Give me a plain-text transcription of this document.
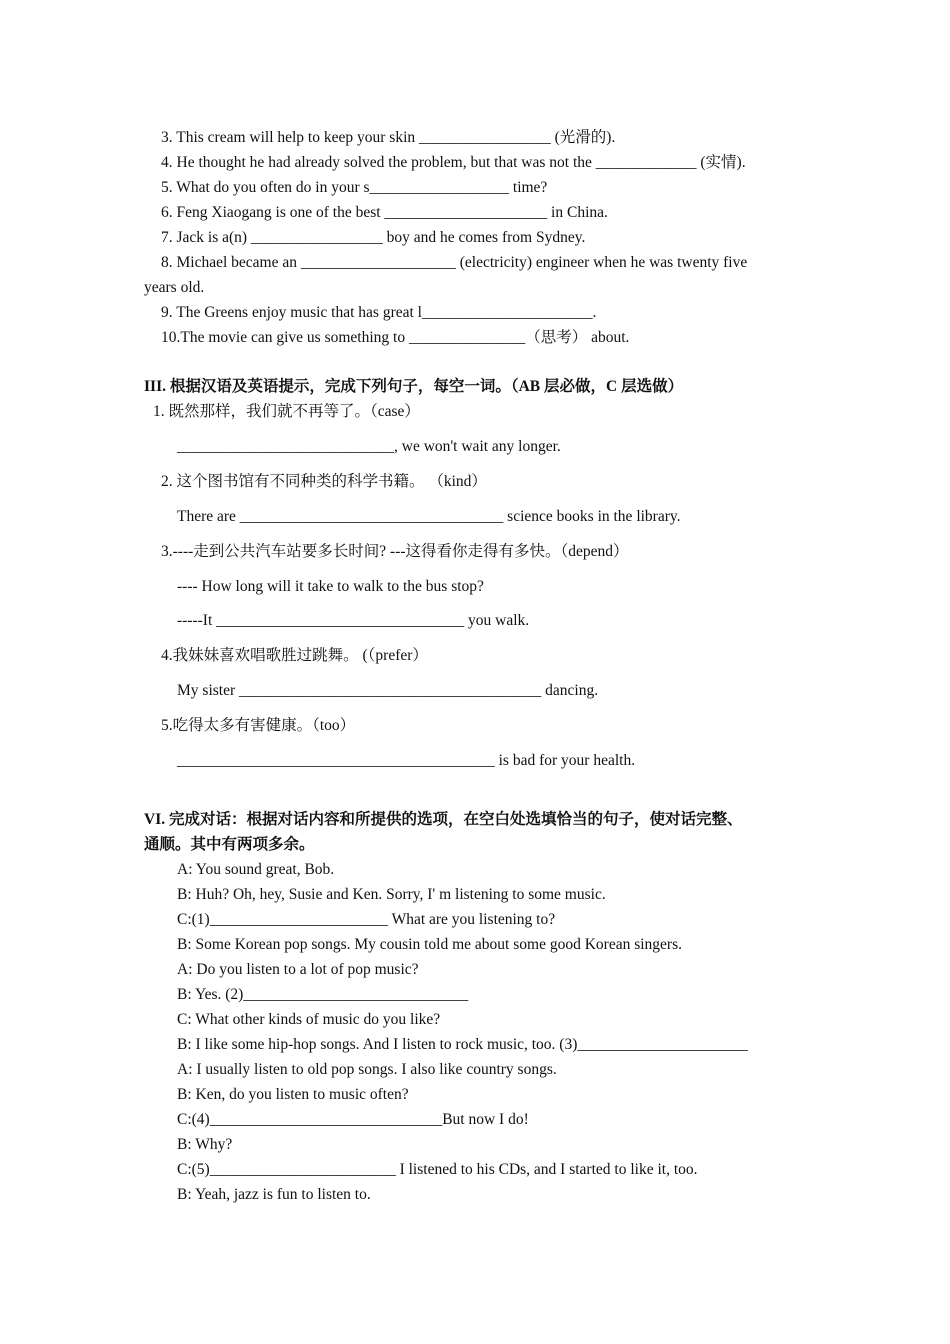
3. This cream will help to keep your skin _________________ (光滑的).
4. He thought he had already solved the problem, but that was not the _____________ (实情).
5. What do you often do in your s__________________ time?
6. Feng Xiaogang is one of the best _____________________ in China.
7. Jack is a(n) _________________ boy and he comes from Sydney.
8. Michael became an ____________________ (electricity) engineer when he was twenty five
years old.
9. The Greens enjoy music that has great l______________________.
10.The movie can give us something to _______________（思考） about.
III. 根据汉语及英语提示，完成下列句子，每空一词。（AB 层必做，C 层选做）
1. 既然那样，我们就不再等了。（case）
____________________________, we won't wait any longer.
2. 这个图书馆有不同种类的科学书籍。 （kind）
There are __________________________________ science books in the library.
3.----走到公共汽车站要多长时间? ---这得看你走得有多快。（depend）
---- How long will it take to walk to the bus stop?
-----It ________________________________ you walk.
4.我妹妹喜欢唱歌胜过跳舞。 (（prefer）
My sister _______________________________________ dancing.
5.吃得太多有害健康。（too）
_________________________________________ is bad for your health.
VI. 完成对话：根据对话内容和所提供的选项，在空白处选填恰当的句子，使对话完整、
通顺。其中有两项多余。
A: You sound great, Bob.
B: Huh? Oh, hey, Susie and Ken. Sorry, I' m listening to some music.
C:(1)_______________________ What are you listening to?
B: Some Korean pop songs. My cousin told me about some good Korean singers.
A: Do you listen to a lot of pop music?
B: Yes. (2)_____________________________
C: What other kinds of music do you like?
B: I like some hip-hop songs. And I listen to rock music, too. (3)______________________
A: I usually listen to old pop songs. I also like country songs.
B: Ken, do you listen to music often?
C:(4)______________________________But now I do!
B: Why?
C:(5)________________________ I listened to his CDs, and I started to like it, too.
B: Yeah, jazz is fun to listen to.
